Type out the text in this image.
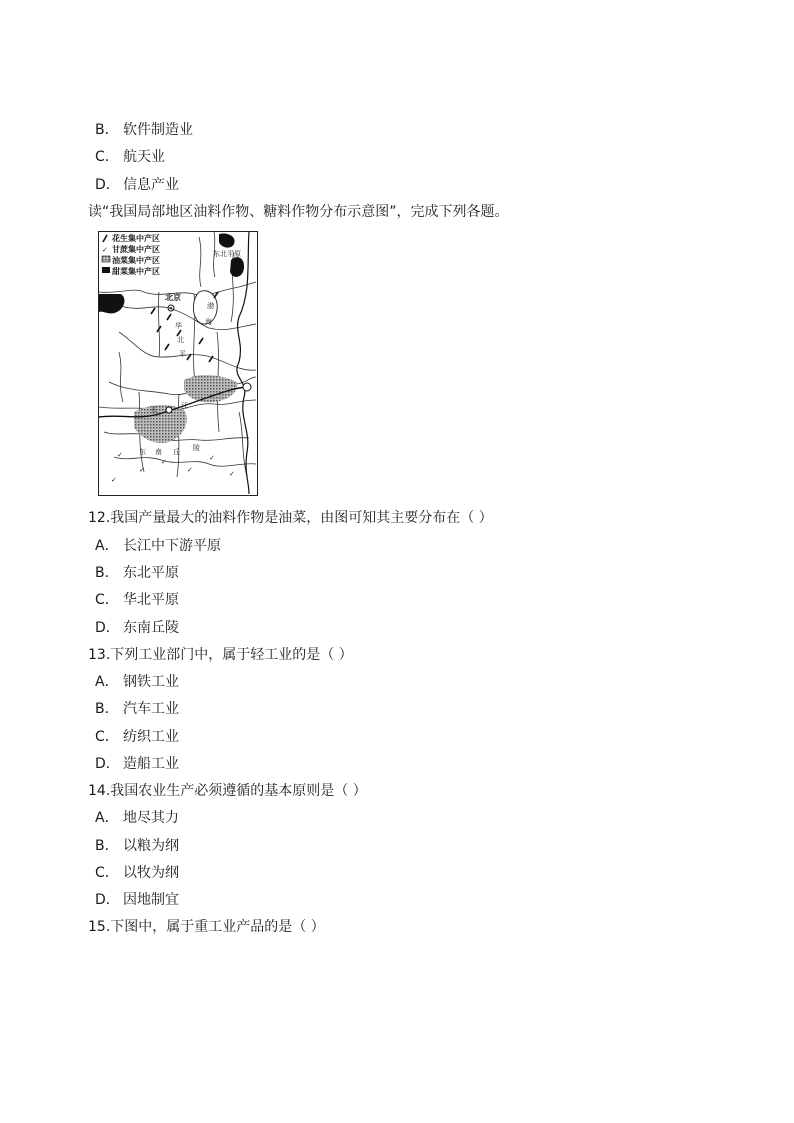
B． 软件制造业
C． 航天业
D． 信息产业
读“我国局部地区油料作物、糖料作物分布示意图”，完成下列各题。
✓
✓
✓
✓
✓
✓
✓
北京
东北平原
渤
海
华
北
平
长	江
东 南 丘 陵
花生集中产区
✓ 甘蔗集中产区
油菜集中产区
甜菜集中产区
12.我国产量最大的油料作物是油菜，由图可知其主要分布在（ ）
A． 长江中下游平原
B． 东北平原
C． 华北平原
D． 东南丘陵
13.下列工业部门中，属于轻工业的是（ ）
A． 钢铁工业
B． 汽车工业
C． 纺织工业
D． 造船工业
14.我国农业生产必须遵循的基本原则是（ ）
A． 地尽其力
B． 以粮为纲
C． 以牧为纲
D． 因地制宜
15.下图中，属于重工业产品的是（ ）
